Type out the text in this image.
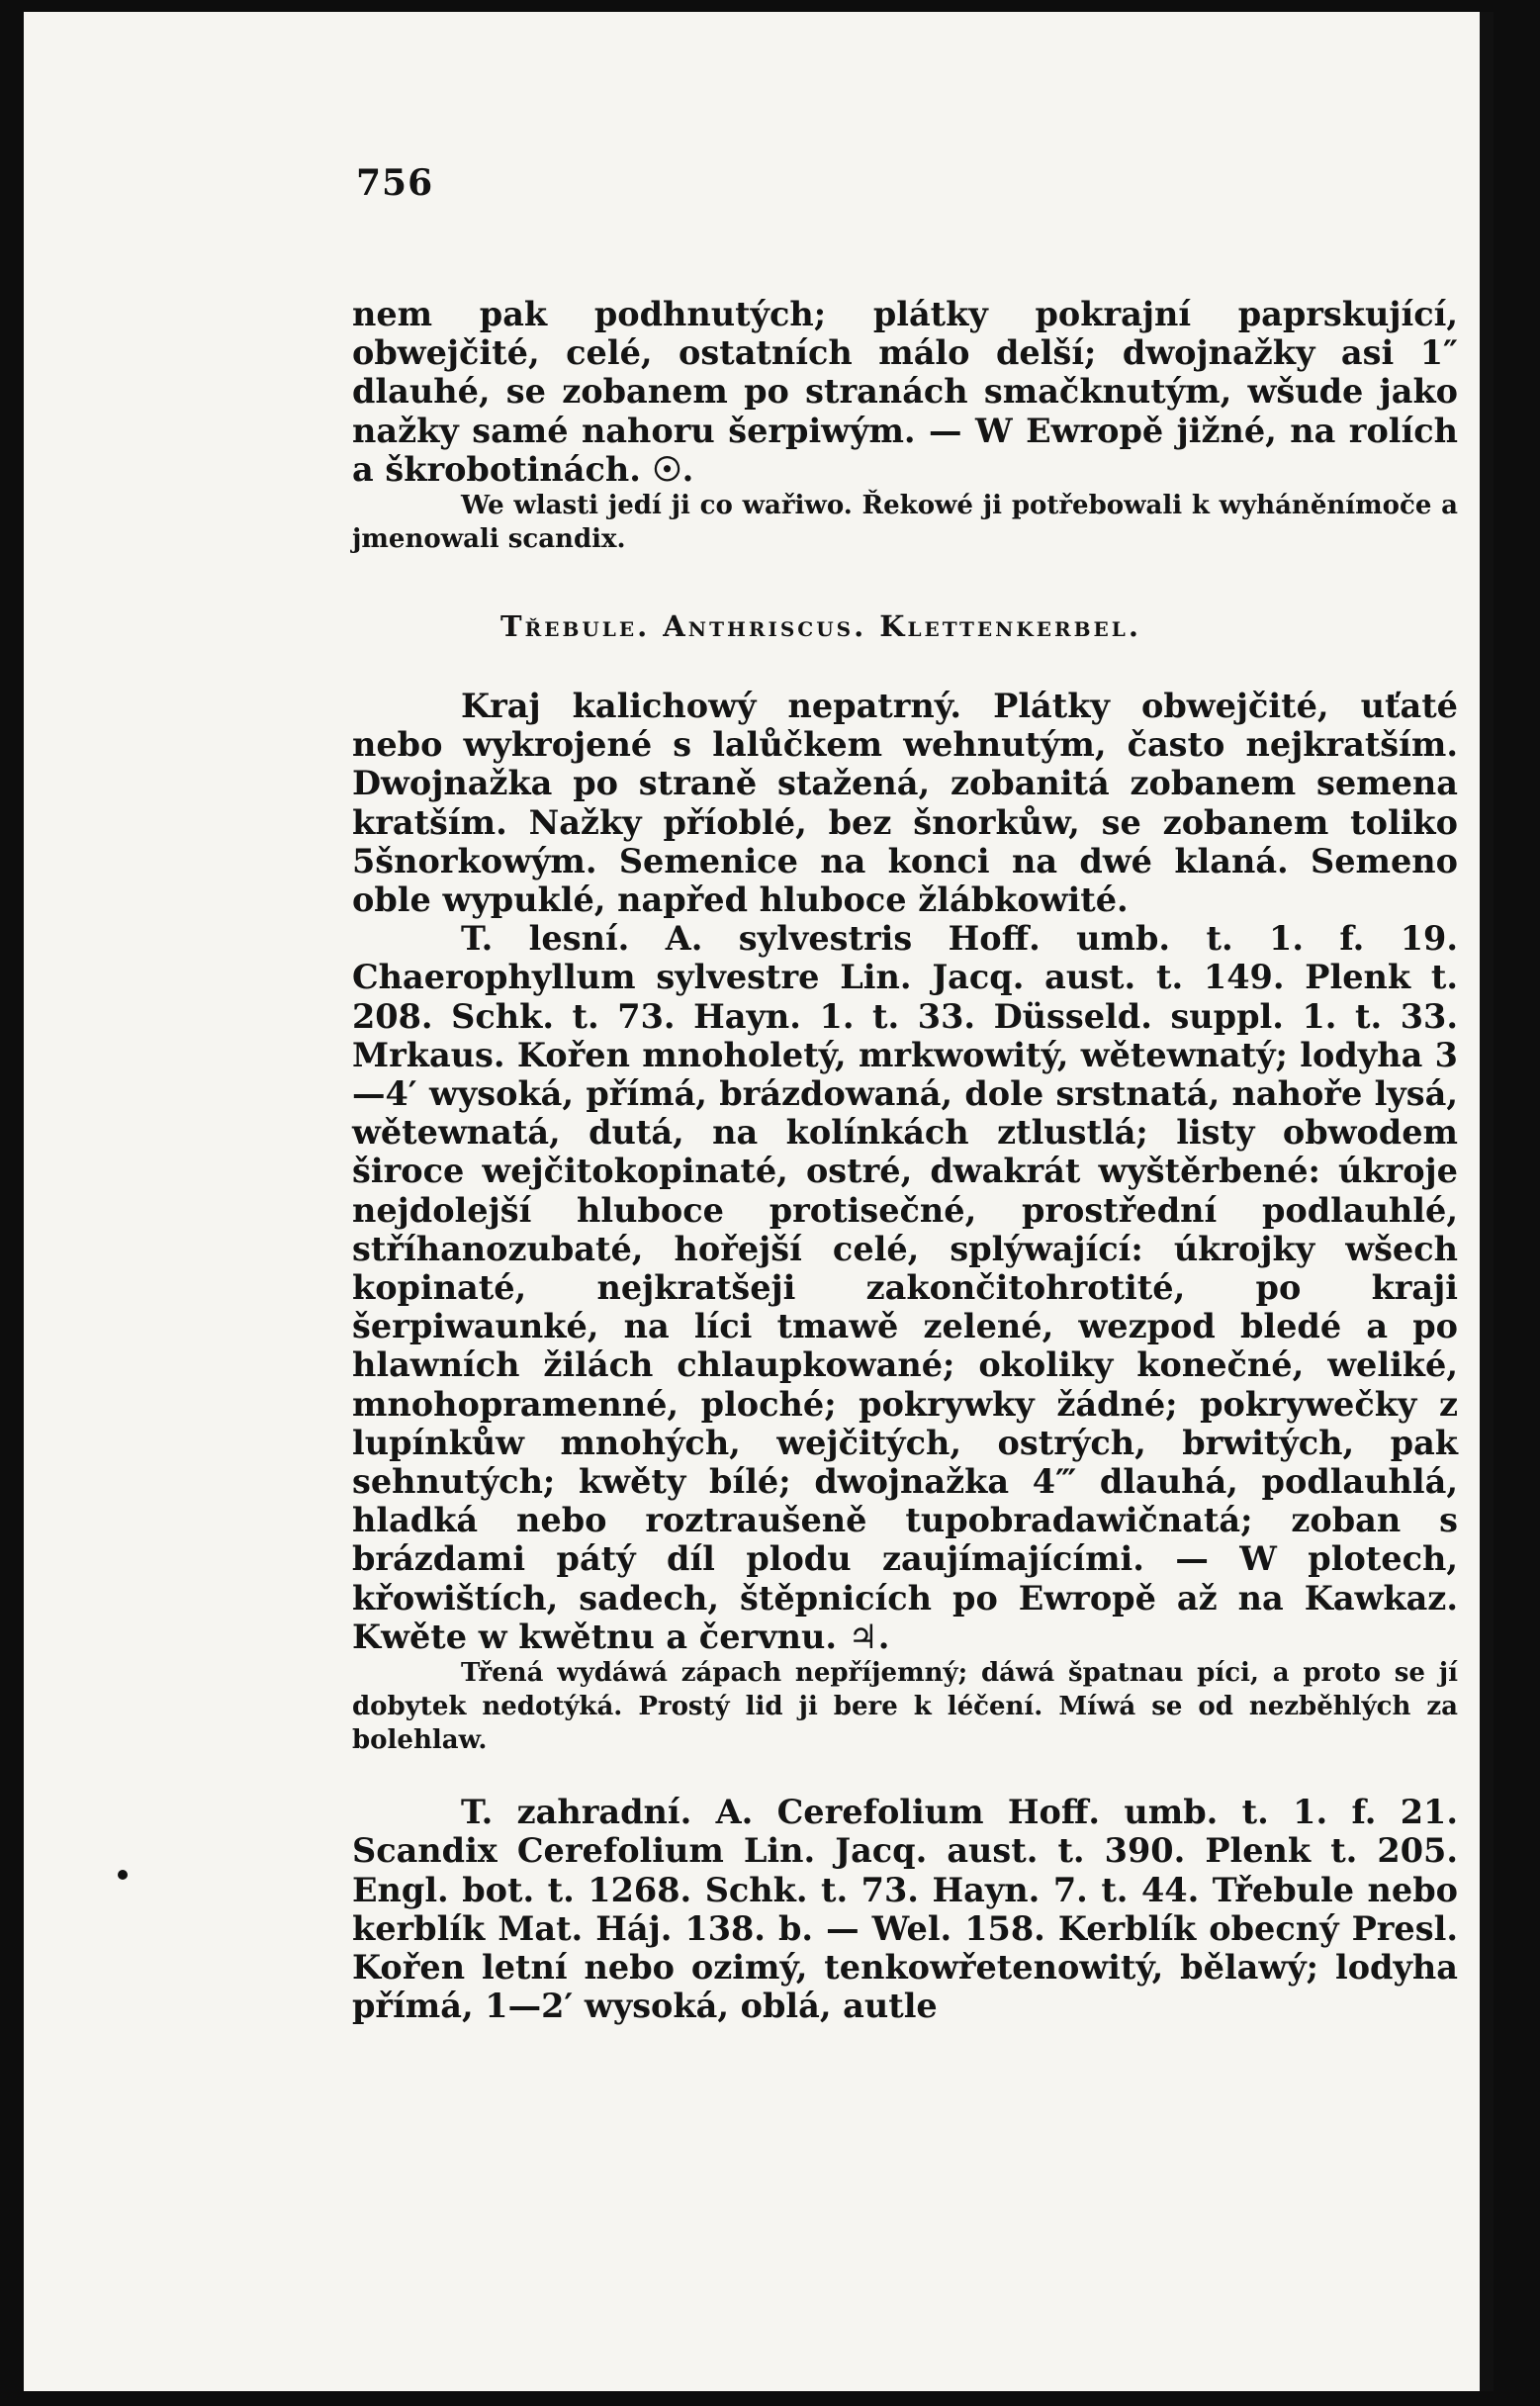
756

nem pak podhnutých; plátky pokrajní paprskující, obwejčité, celé, ostatních málo delší; dwojnažky asi 1″ dlauhé, se zobanem po stranách smačknutým, wšude jako nažky samé nahoru šerpiwým. — W Ewropě jižné, na rolích a škrobotinách. ☉.

We wlasti jedí ji co wařiwo. Řekowé ji potřebowali k wyháněnímoče a jmenowali scandix.

Třebule. Anthriscus. Klettenkerbel.

Kraj kalichowý nepatrný. Plátky obwejčité, uťaté nebo wykrojené s lalůčkem wehnutým, často nejkratším. Dwojnažka po straně stažená, zobanitá zobanem semena kratším. Nažky příoblé, bez šnorkůw, se zobanem toliko 5šnorkowým. Semenice na konci na dwé klaná. Semeno oble wypuklé, napřed hluboce žlábkowité.

T. lesní. A. sylvestris Hoff. umb. t. 1. f. 19. Chaerophyllum sylvestre Lin. Jacq. aust. t. 149. Plenk t. 208. Schk. t. 73. Hayn. 1. t. 33. Düsseld. suppl. 1. t. 33. Mrkaus. Kořen mnoholetý, mrkwowitý, wětewnatý; lodyha 3—4′ wysoká, přímá, brázdowaná, dole srstnatá, nahoře lysá, wětewnatá, dutá, na kolínkách ztlustlá; listy obwodem široce wejčitokopinaté, ostré, dwakrát wyštěrbené: úkroje nejdolejší hluboce protisečné, prostřední podlauhlé, stříhanozubaté, hořejší celé, splýwající: úkrojky wšech kopinaté, nejkratšeji zakončitohrotité, po kraji šerpiwaunké, na líci tmawě zelené, wezpod bledé a po hlawních žilách chlaupkowané; okoliky konečné, weliké, mnohopramenné, ploché; pokrywky žádné; pokrywečky z lupínkůw mnohých, wejčitých, ostrých, brwitých, pak sehnutých; kwěty bílé; dwojnažka 4‴ dlauhá, podlauhlá, hladká nebo roztraušeně tupobradawičnatá; zoban s brázdami pátý díl plodu zaujímajícími. — W plotech, křowištích, sadech, štěpnicích po Ewropě až na Kawkaz. Kwěte w kwětnu a červnu. ♃.

Třená wydáwá zápach nepříjemný; dáwá špatnau píci, a proto se jí dobytek nedotýká. Prostý lid ji bere k léčení. Míwá se od nezběhlých za bolehlaw.

T. zahradní. A. Cerefolium Hoff. umb. t. 1. f. 21. Scandix Cerefolium Lin. Jacq. aust. t. 390. Plenk t. 205. Engl. bot. t. 1268. Schk. t. 73. Hayn. 7. t. 44. Třebule nebo kerblík Mat. Háj. 138. b. — Wel. 158. Kerblík obecný Presl. Kořen letní nebo ozimý, tenkowřetenowitý, bělawý; lodyha přímá, 1—2′ wysoká, oblá, autle
